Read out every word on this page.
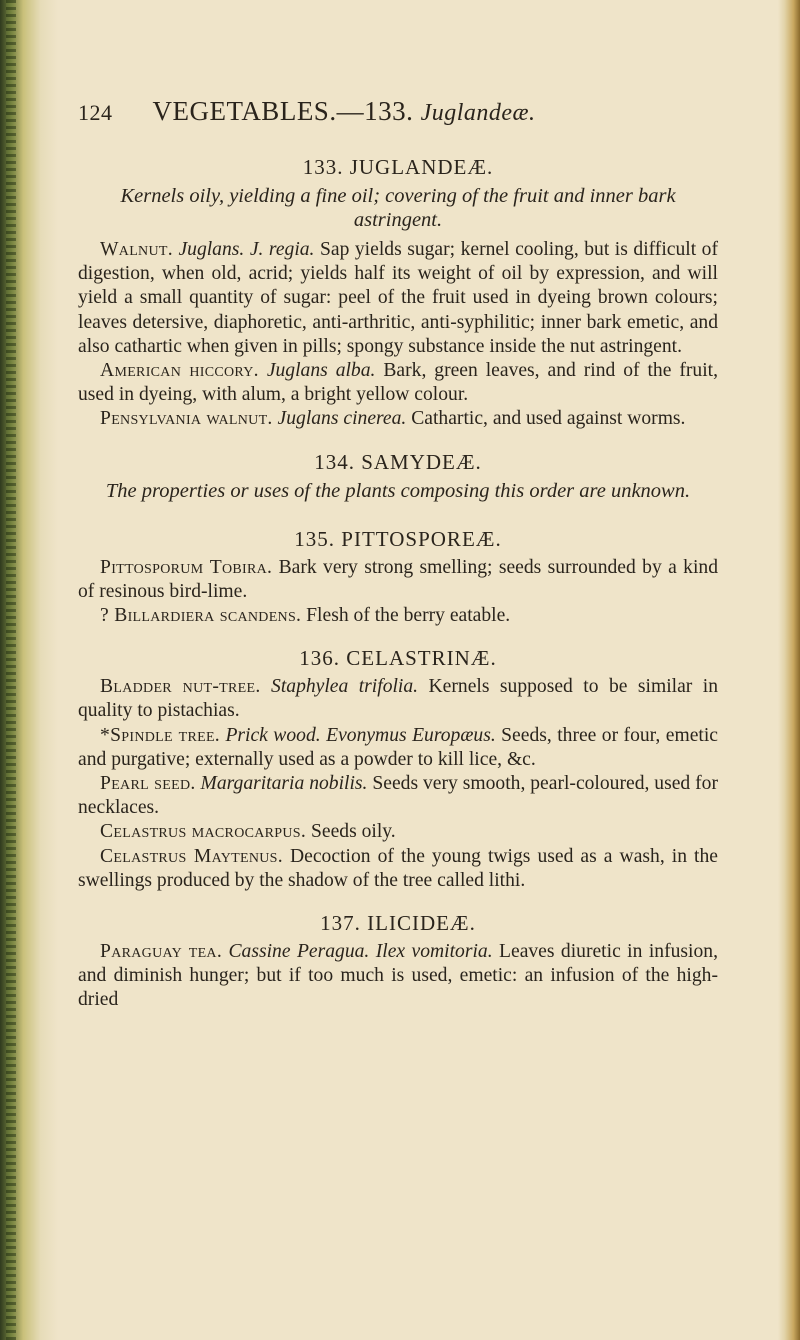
124 VEGETABLES.—133. Juglandeæ.
133. JUGLANDEÆ.
Kernels oily, yielding a fine oil; covering of the fruit and inner bark astringent.

Walnut. Juglans. J. regia. Sap yields sugar; kernel cooling, but is difficult of digestion, when old, acrid; yields half its weight of oil by expression, and will yield a small quantity of sugar: peel of the fruit used in dyeing brown colours; leaves detersive, diaphoretic, anti-arthritic, anti-syphilitic; inner bark emetic, and also cathartic when given in pills; spongy substance inside the nut astringent.

American hiccory. Juglans alba. Bark, green leaves, and rind of the fruit, used in dyeing, with alum, a bright yellow colour.

Pensylvania walnut. Juglans cinerea. Cathartic, and used against worms.

134. SAMYDEÆ.
The properties or uses of the plants composing this order are unknown.
135. PITTOSPOREÆ.

Pittosporum Tobira. Bark very strong smelling; seeds surrounded by a kind of resinous bird-lime.

? Billardiera scandens. Flesh of the berry eatable.

136. CELASTRINÆ.

Bladder nut-tree. Staphylea trifolia. Kernels supposed to be similar in quality to pistachias.

*Spindle tree. Prick wood. Evonymus Europæus. Seeds, three or four, emetic and purgative; externally used as a powder to kill lice, &c.

Pearl seed. Margaritaria nobilis. Seeds very smooth, pearl-coloured, used for necklaces.

Celastrus macrocarpus. Seeds oily.

Celastrus Maytenus. Decoction of the young twigs used as a wash, in the swellings produced by the shadow of the tree called lithi.

137. ILICIDEÆ.

Paraguay tea. Cassine Peragua. Ilex vomitoria. Leaves diuretic in infusion, and diminish hunger; but if too much is used, emetic: an infusion of the high-dried
